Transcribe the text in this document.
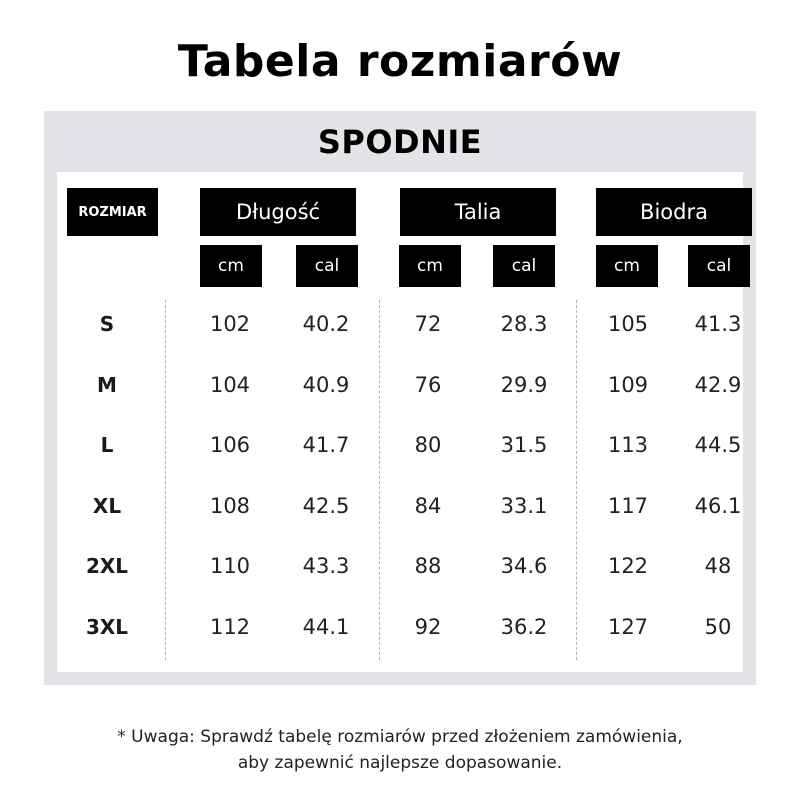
Tabela rozmiarów
SPODNIE
ROZMIAR	Długość	Talia	Biodra
cm	cal	cm	cal	cm	cal
S	102	40.2	72	28.3	105	41.3
M	104	40.9	76	29.9	109	42.9
L	106	41.7	80	31.5	113	44.5
XL	108	42.5	84	33.1	117	46.1
2XL	110	43.3	88	34.6	122	48
3XL	112	44.1	92	36.2	127	50
* Uwaga: Sprawdź tabelę rozmiarów przed złożeniem zamówienia,
aby zapewnić najlepsze dopasowanie.
